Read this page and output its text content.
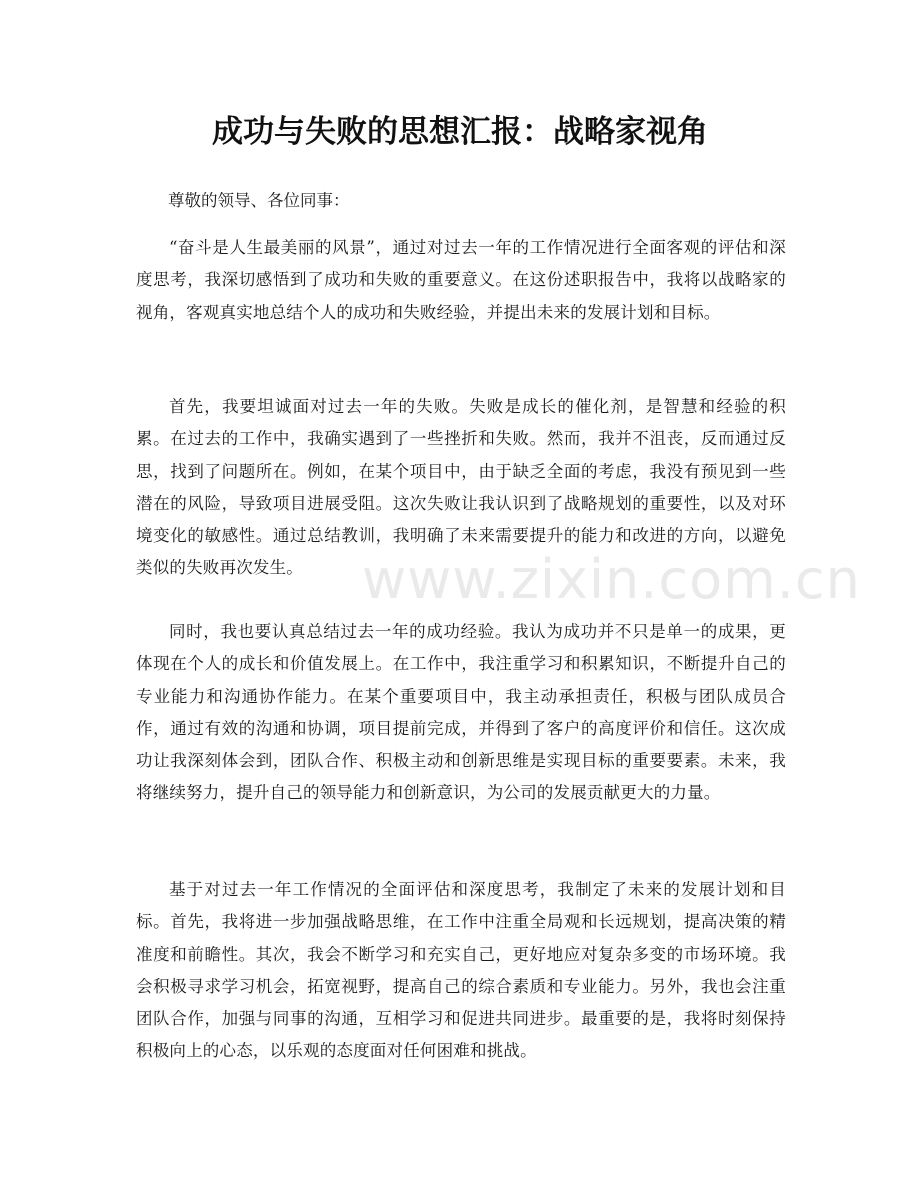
成功与失败的思想汇报：战略家视角

尊敬的领导、各位同事：

“奋斗是人生最美丽的风景”，通过对过去一年的工作情况进行全面客观的评估和深度思考，我深切感悟到了成功和失败的重要意义。在这份述职报告中，我将以战略家的视角，客观真实地总结个人的成功和失败经验，并提出未来的发展计划和目标。

首先，我要坦诚面对过去一年的失败。失败是成长的催化剂，是智慧和经验的积累。在过去的工作中，我确实遇到了一些挫折和失败。然而，我并不沮丧，反而通过反思，找到了问题所在。例如，在某个项目中，由于缺乏全面的考虑，我没有预见到一些潜在的风险，导致项目进展受阻。这次失败让我认识到了战略规划的重要性，以及对环境变化的敏感性。通过总结教训，我明确了未来需要提升的能力和改进的方向，以避免类似的失败再次发生。

同时，我也要认真总结过去一年的成功经验。我认为成功并不只是单一的成果，更体现在个人的成长和价值发展上。在工作中，我注重学习和积累知识，不断提升自己的专业能力和沟通协作能力。在某个重要项目中，我主动承担责任，积极与团队成员合作，通过有效的沟通和协调，项目提前完成，并得到了客户的高度评价和信任。这次成功让我深刻体会到，团队合作、积极主动和创新思维是实现目标的重要要素。未来，我将继续努力，提升自己的领导能力和创新意识，为公司的发展贡献更大的力量。

基于对过去一年工作情况的全面评估和深度思考，我制定了未来的发展计划和目标。首先，我将进一步加强战略思维，在工作中注重全局观和长远规划，提高决策的精准度和前瞻性。其次，我会不断学习和充实自己，更好地应对复杂多变的市场环境。我会积极寻求学习机会，拓宽视野，提高自己的综合素质和专业能力。另外，我也会注重团队合作，加强与同事的沟通，互相学习和促进共同进步。最重要的是，我将时刻保持积极向上的心态，以乐观的态度面对任何困难和挑战。

www.zixin.com.cn
